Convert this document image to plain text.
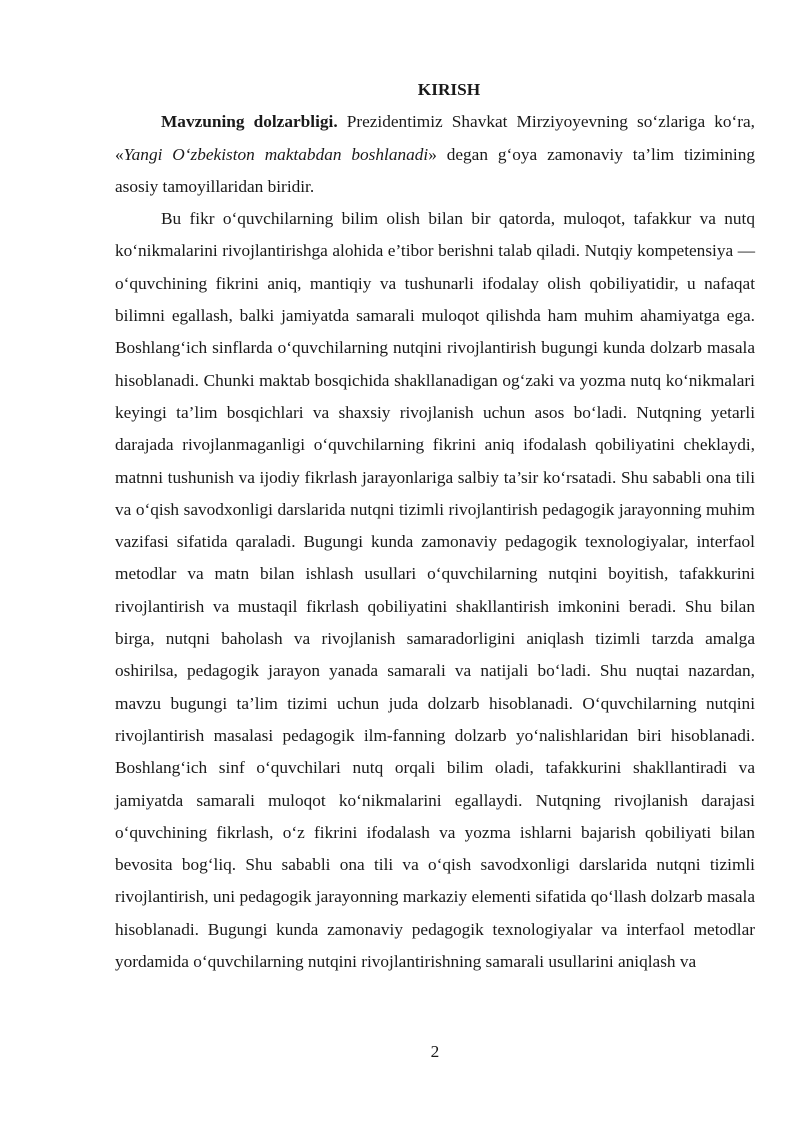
KIRISH

Mavzuning dolzarbligi. Prezidentimiz Shavkat Mirziyoyevning so‘zlariga ko‘ra, «Yangi O‘zbekiston maktabdan boshlanadi» degan g‘oya zamonaviy ta’lim tizimining asosiy tamoyillaridan biridir.

Bu fikr o‘quvchilarning bilim olish bilan bir qatorda, muloqot, tafakkur va nutq ko‘nikmalarini rivojlantirishga alohida e’tibor berishni talab qiladi. Nutqiy kompetensiya — o‘quvchining fikrini aniq, mantiqiy va tushunarli ifodalay olish qobiliyatidir, u nafaqat bilimni egallash, balki jamiyatda samarali muloqot qilishda ham muhim ahamiyatga ega. Boshlang‘ich sinflarda o‘quvchilarning nutqini rivojlantirish bugungi kunda dolzarb masala hisoblanadi. Chunki maktab bosqichida shakllanadigan og‘zaki va yozma nutq ko‘nikmalari keyingi ta’lim bosqichlari va shaxsiy rivojlanish uchun asos bo‘ladi. Nutqning yetarli darajada rivojlanmaganligi o‘quvchilarning fikrini aniq ifodalash qobiliyatini cheklaydi, matnni tushunish va ijodiy fikrlash jarayonlariga salbiy ta’sir ko‘rsatadi. Shu sababli ona tili va o‘qish savodxonligi darslarida nutqni tizimli rivojlantirish pedagogik jarayonning muhim vazifasi sifatida qaraladi. Bugungi kunda zamonaviy pedagogik texnologiyalar, interfaol metodlar va matn bilan ishlash usullari o‘quvchilarning nutqini boyitish, tafakkurini rivojlantirish va mustaqil fikrlash qobiliyatini shakllantirish imkonini beradi. Shu bilan birga, nutqni baholash va rivojlanish samaradorligini aniqlash tizimli tarzda amalga oshirilsa, pedagogik jarayon yanada samarali va natijali bo‘ladi. Shu nuqtai nazardan, mavzu bugungi ta’lim tizimi uchun juda dolzarb hisoblanadi. O‘quvchilarning nutqini rivojlantirish masalasi pedagogik ilm-fanning dolzarb yo‘nalishlaridan biri hisoblanadi. Boshlang‘ich sinf o‘quvchilari nutq orqali bilim oladi, tafakkurini shakllantiradi va jamiyatda samarali muloqot ko‘nikmalarini egallaydi. Nutqning rivojlanish darajasi o‘quvchining fikrlash, o‘z fikrini ifodalash va yozma ishlarni bajarish qobiliyati bilan bevosita bog‘liq. Shu sababli ona tili va o‘qish savodxonligi darslarida nutqni tizimli rivojlantirish, uni pedagogik jarayonning markaziy elementi sifatida qo‘llash dolzarb masala hisoblanadi. Bugungi kunda zamonaviy pedagogik texnologiyalar va interfaol metodlar yordamida o‘quvchilarning nutqini rivojlantirishning samarali usullarini aniqlash va

2
